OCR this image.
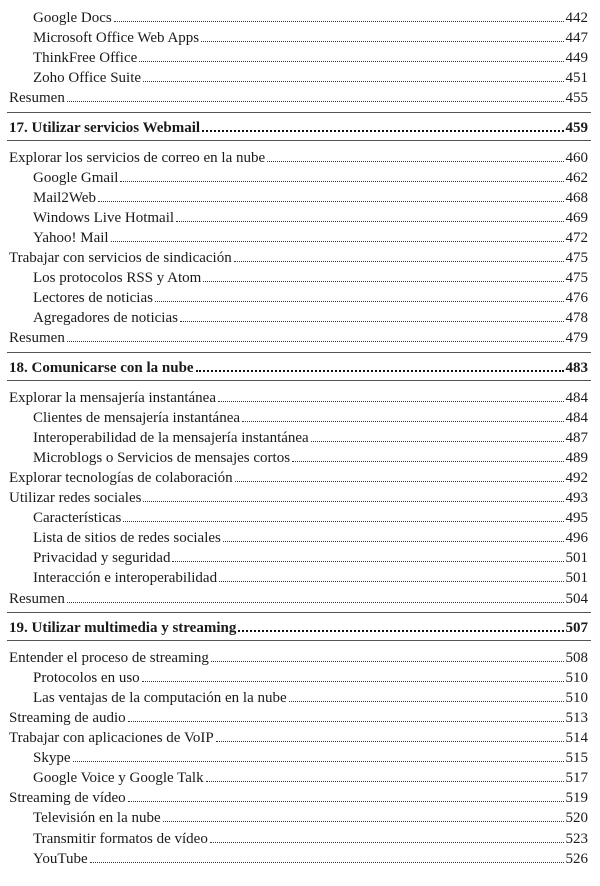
Google Docs	442
Microsoft Office Web Apps	447
ThinkFree Office	449
Zoho Office Suite	451
Resumen	455
17. Utilizar servicios Webmail	459
Explorar los servicios de correo en la nube	460
Google Gmail	462
Mail2Web	468
Windows Live Hotmail	469
Yahoo! Mail	472
Trabajar con servicios de sindicación	475
Los protocolos RSS y Atom	475
Lectores de noticias	476
Agregadores de noticias	478
Resumen	479
18. Comunicarse con la nube	483
Explorar la mensajería instantánea	484
Clientes de mensajería instantánea	484
Interoperabilidad de la mensajería instantánea	487
Microblogs o Servicios de mensajes cortos	489
Explorar tecnologías de colaboración	492
Utilizar redes sociales	493
Características	495
Lista de sitios de redes sociales	496
Privacidad y seguridad	501
Interacción e interoperabilidad	501
Resumen	504
19. Utilizar multimedia y streaming	507
Entender el proceso de streaming	508
Protocolos en uso	510
Las ventajas de la computación en la nube	510
Streaming de audio	513
Trabajar con aplicaciones de VoIP	514
Skype	515
Google Voice y Google Talk	517
Streaming de vídeo	519
Televisión en la nube	520
Transmitir formatos de vídeo	523
YouTube	526
